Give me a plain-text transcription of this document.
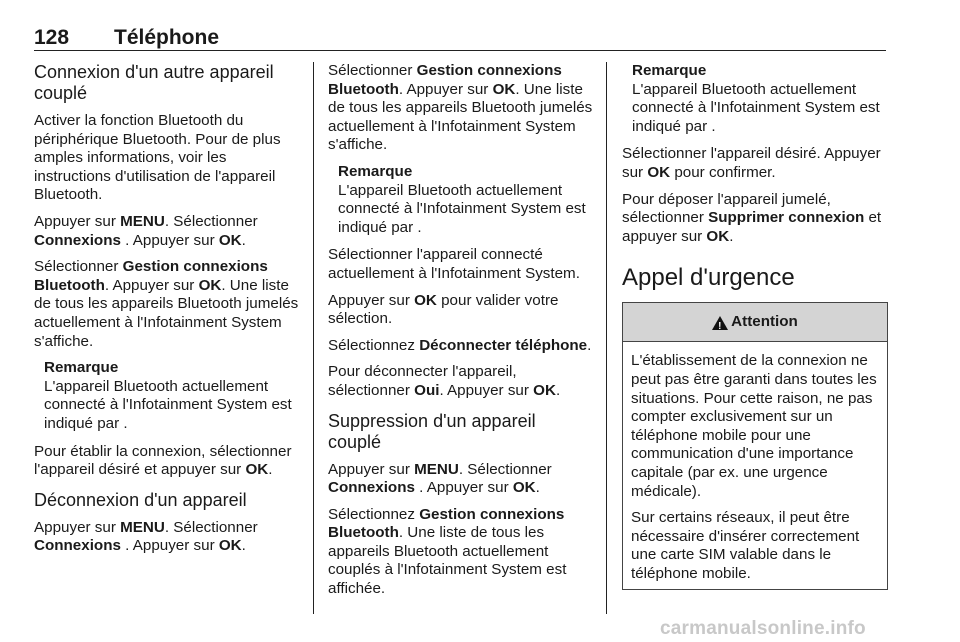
128 Téléphone
Connexion d'un autre appareil couplé

Activer la fonction Bluetooth du périphérique Bluetooth. Pour de plus amples informations, voir les instructions d'utilisation de l'appareil Bluetooth.

Appuyer sur MENU. Sélectionner Connexions . Appuyer sur OK.

Sélectionner Gestion connexions Bluetooth. Appuyer sur OK. Une liste de tous les appareils Bluetooth jumelés actuellement à l'Infotainment System s'affiche.

Remarque
L'appareil Bluetooth actuellement connecté à l'Infotainment System est indiqué par .

Pour établir la connexion, sélectionner l'appareil désiré et appuyer sur OK.

Déconnexion d'un appareil

Appuyer sur MENU. Sélectionner Connexions . Appuyer sur OK.

Sélectionner Gestion connexions Bluetooth. Appuyer sur OK. Une liste de tous les appareils Bluetooth jumelés actuellement à l'Infotainment System s'affiche.

Remarque
L'appareil Bluetooth actuellement connecté à l'Infotainment System est indiqué par .

Sélectionner l'appareil connecté actuellement à l'Infotainment System.

Appuyer sur OK pour valider votre sélection.

Sélectionnez Déconnecter téléphone.

Pour déconnecter l'appareil, sélectionner Oui. Appuyer sur OK.

Suppression d'un appareil couplé

Appuyer sur MENU. Sélectionner Connexions . Appuyer sur OK.

Sélectionnez Gestion connexions Bluetooth. Une liste de tous les appareils Bluetooth actuellement couplés à l'Infotainment System est affichée.

Remarque
L'appareil Bluetooth actuellement connecté à l'Infotainment System est indiqué par .

Sélectionner l'appareil désiré. Appuyer sur OK pour confirmer.

Pour déposer l'appareil jumelé, sélectionner Supprimer connexion et appuyer sur OK.

Appel d'urgence
!
Attention

L'établissement de la connexion ne peut pas être garanti dans toutes les situations. Pour cette raison, ne pas compter exclusivement sur un téléphone mobile pour une communication d'une importance capitale (par ex. une urgence médicale).

Sur certains réseaux, il peut être nécessaire d'insérer correctement une carte SIM valable dans le téléphone mobile.

carmanualsonline.info
